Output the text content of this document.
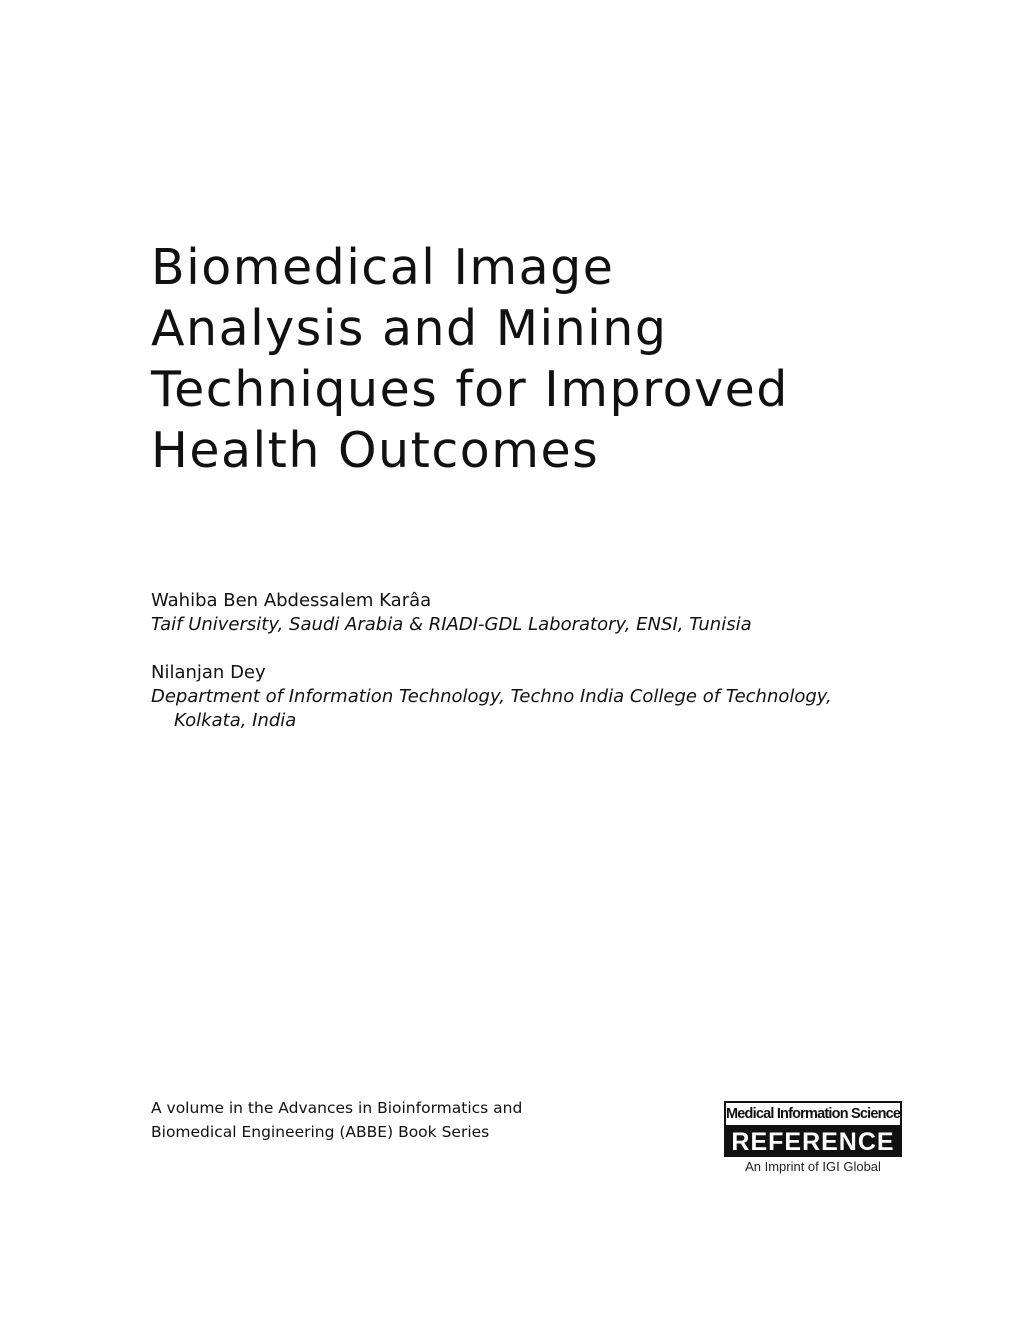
Biomedical Image
Analysis and Mining
Techniques for Improved
Health Outcomes
Wahiba Ben Abdessalem Karâa
Taif University, Saudi Arabia & RIADI-GDL Laboratory, ENSI, Tunisia
Nilanjan Dey
Department of Information Technology, Techno India College of Technology,
Kolkata, India
A volume in the Advances in Bioinformatics and
Biomedical Engineering (ABBE) Book Series
Medical Information Science
REFERENCE
An Imprint of IGI Global
